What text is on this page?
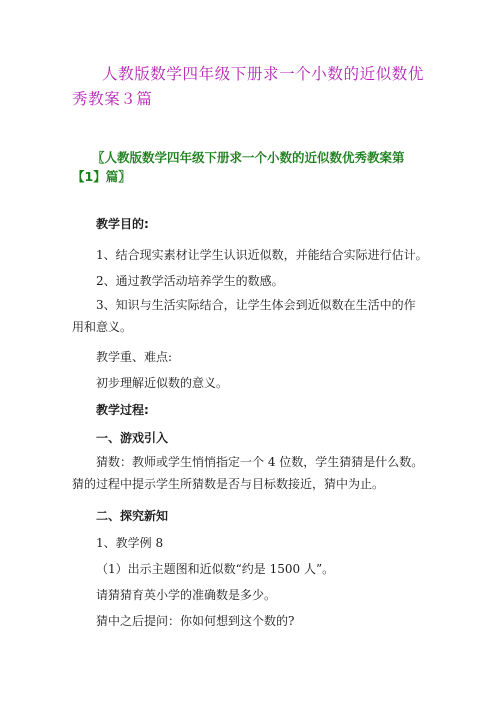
人教版数学四年级下册求一个小数的近似数优秀教案３篇

〖人教版数学四年级下册求一个小数的近似数优秀教案第【1】篇〗

教学目的:

1、结合现实素材让学生认识近似数，并能结合实际进行估计。

2、通过教学活动培养学生的数感。

3、知识与生活实际结合，让学生体会到近似数在生活中的作用和意义。

教学重、难点:

初步理解近似数的意义。

教学过程:

一、游戏引入

猜数：教师或学生悄悄指定一个 4 位数，学生猜猜是什么数。猜的过程中提示学生所猜数是否与目标数接近，猜中为止。

二、探究新知

1、教学例 8

（1）出示主题图和近似数“约是 1500 人”。

请猜猜育英小学的准确数是多少。

猜中之后提问：你如何想到这个数的?
